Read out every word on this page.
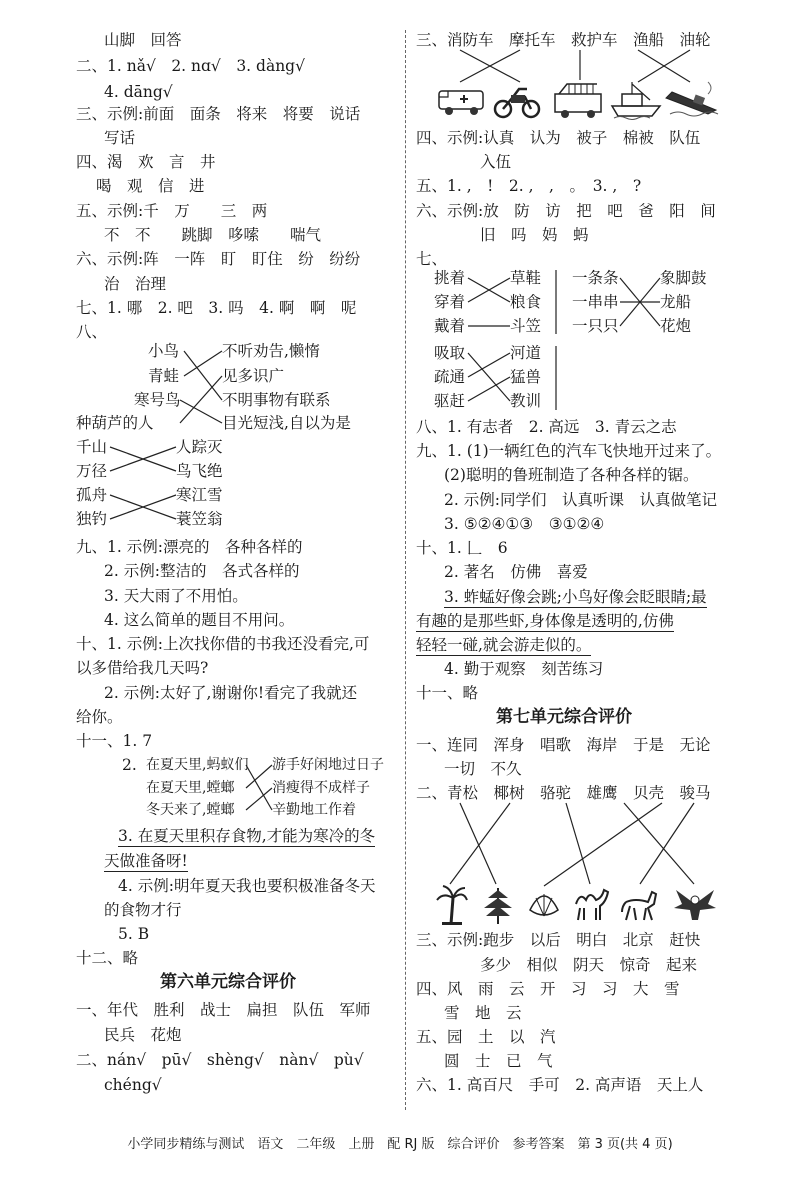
山脚　回答
二、1. nǎ√　2. nɑ√　3. dàng√
4. dāng√
三、示例:前面　面条　将来　将要　说话
写话
四、渴　欢　言　井
喝　观　信　进
五、示例:千　万　　三　两
不　不　　跳脚　哆嗦　　喘气
六、示例:阵　一阵　盯　盯住　纷　纷纷
治　治理
七、1. 哪　2. 吧　3. 吗　4. 啊　啊　呢
八、
小鸟
青蛙
寒号鸟
种葫芦的人
不听劝告,懒惰
见多识广
不明事物有联系
目光短浅,自以为是
千山
万径
孤舟
独钓
人踪灭
鸟飞绝
寒江雪
蓑笠翁
九、1. 示例:漂亮的　各种各样的
2. 示例:整洁的　各式各样的
3. 天大雨了不用怕。
4. 这么简单的题目不用问。
十、1. 示例:上次找你借的书我还没看完,可
以多借给我几天吗?
2. 示例:太好了,谢谢你!看完了我就还
给你。
十一、1. 7
2. 在夏天里,蚂蚁们
在夏天里,螳螂
冬天来了,螳螂
游手好闲地过日子
消瘦得不成样子
辛勤地工作着
3. 在夏天里积存食物,才能为寒冷的冬
天做准备呀!
4. 示例:明年夏天我也要积极准备冬天
的食物才行
5. B
十二、略
第六单元综合评价
一、年代　胜利　战士　扁担　队伍　军师
民兵　花炮
二、nán√　pū√　shèng√　nàn√　pù√
chéng√
三、消防车　摩托车　救护车　渔船　油轮
四、示例:认真　认为　被子　棉被　队伍
入伍
五、1. ,　!　2. ,　,　。　3. ,　?
六、示例:放　防　访　把　吧　爸　阳　间
旧　吗　妈　蚂
七、
挑着
穿着
戴着
草鞋
粮食
斗笠
一条条
一串串
一只只
象脚鼓
龙船
花炮
吸取
疏通
驱赶
河道
猛兽
教训
八、1. 有志者　2. 高远　3. 青云之志
九、1. (1)一辆红色的汽车飞快地开过来了。
(2)聪明的鲁班制造了各种各样的锯。
2. 示例:同学们　认真听课　认真做笔记
3. ⑤②④①③　③①②④
十、1. 𠃊　6
2. 著名　仿佛　喜爱
3. 蚱蜢好像会跳;小鸟好像会眨眼睛;最
有趣的是那些虾,身体像是透明的,仿佛
轻轻一碰,就会游走似的。
4. 勤于观察　刻苦练习
十一、略
第七单元综合评价
一、连同　浑身　唱歌　海岸　于是　无论
一切　不久
二、青松　椰树　骆驼　雄鹰　贝壳　骏马
三、示例:跑步　以后　明白　北京　赶快
多少　相似　阴天　惊奇　起来
四、风　雨　云　开　习　习　大　雪
雪　地　云
五、园　土　以　汽
圆　士　已　气
六、1. 高百尺　手可　2. 高声语　天上人
小学同步精练与测试　语文　二年级　上册　配 RJ 版　综合评价　参考答案　第 3 页(共 4 页)
